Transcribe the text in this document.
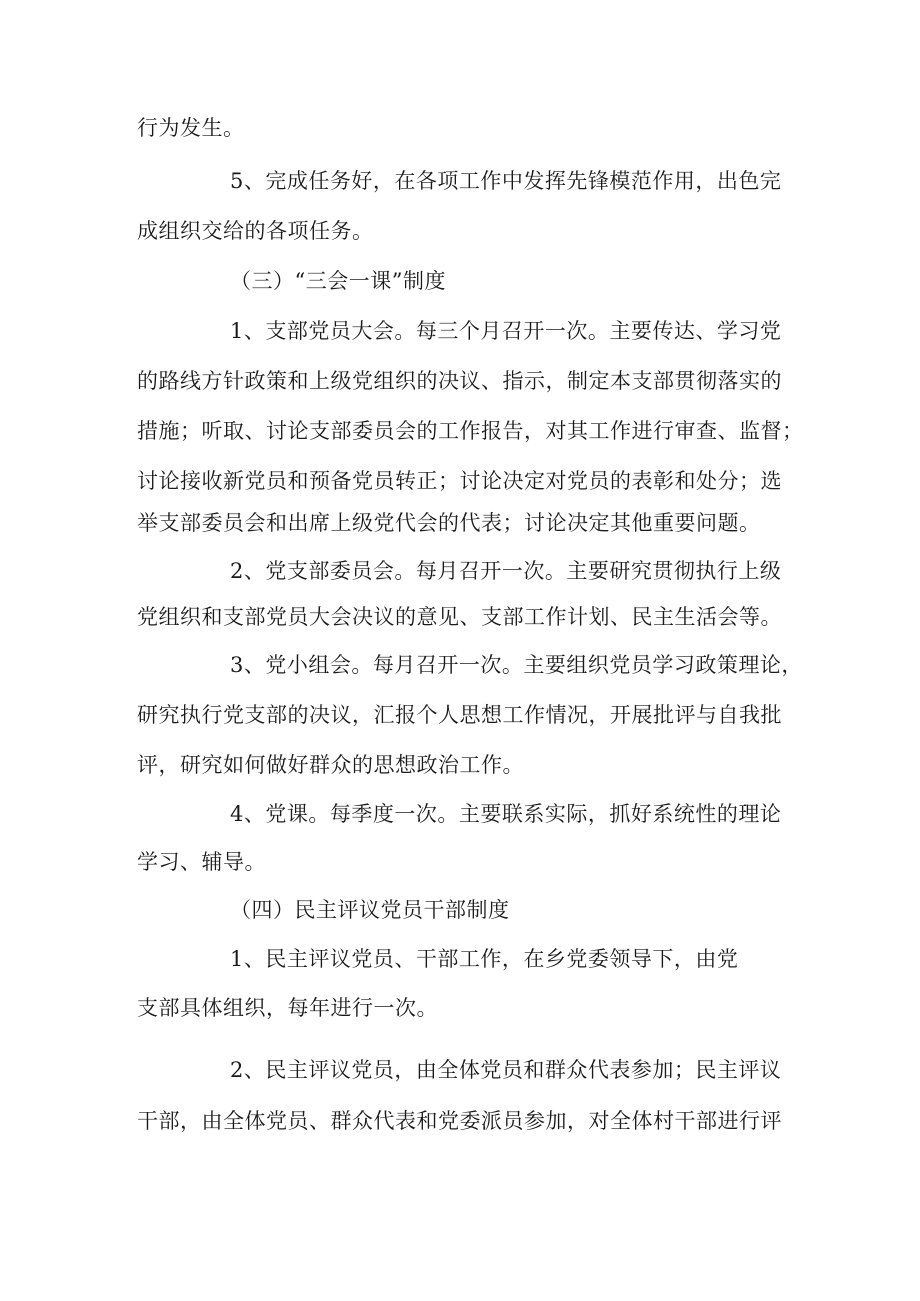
行为发生。
5、完成任务好，在各项工作中发挥先锋模范作用，出色完
成组织交给的各项任务。
（三）“三会一课”制度
1、支部党员大会。每三个月召开一次。主要传达、学习党
的路线方针政策和上级党组织的决议、指示，制定本支部贯彻落实的
措施；听取、讨论支部委员会的工作报告，对其工作进行审查、监督；
讨论接收新党员和预备党员转正；讨论决定对党员的表彰和处分；选
举支部委员会和出席上级党代会的代表；讨论决定其他重要问题。
2、党支部委员会。每月召开一次。主要研究贯彻执行上级
党组织和支部党员大会决议的意见、支部工作计划、民主生活会等。
3、党小组会。每月召开一次。主要组织党员学习政策理论，
研究执行党支部的决议，汇报个人思想工作情况，开展批评与自我批
评，研究如何做好群众的思想政治工作。
4、党课。每季度一次。主要联系实际，抓好系统性的理论
学习、辅导。
（四）民主评议党员干部制度
1、民主评议党员、干部工作，在乡党委领导下，由党
支部具体组织，每年进行一次。
2、民主评议党员，由全体党员和群众代表参加；民主评议
干部，由全体党员、群众代表和党委派员参加，对全体村干部进行评
